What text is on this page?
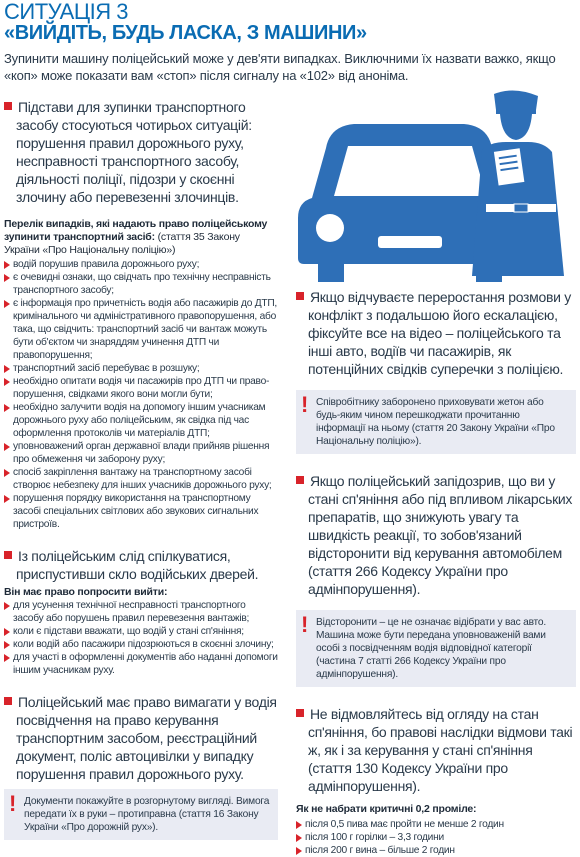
СИТУАЦІЯ 3
«ВИЙДІТЬ, БУДЬ ЛАСКА, З МАШИНИ»
Зупинити машину поліцейський може у дев'яти випадках. Виключними їх назвати важко, якщо «коп» може показати вам «стоп» після сигналу на «102» від аноніма.
Підстави для зупинки транспортного засобу стосуються чотирьох ситуацій: порушення правил дорожнього руху, несправності транспортного засобу, діяльності поліції, підозри у скоєнні злочину або перевезенні злочинців.
Перелік випадків, які надають право поліцейському зупинити транспортний засіб: (стаття 35 Закону України «Про Національну поліцію»)
водій порушив правила дорожнього руху;
є очевидні ознаки, що свідчать про технічну несправність транспортного засобу;
є інформація про причетність водія або пасажирів до ДТП, кримінального чи адміністративного правопорушення, або така, що свідчить: транспортний засіб чи вантаж можуть бути об'єктом чи знаряддям учинення ДТП чи правопорушення;
транспортний засіб перебуває в розшуку;
необхідно опитати водія чи пасажирів про ДТП чи право-порушення, свідками якого вони могли бути;
необхідно залучити водія на допомогу іншим учасникам дорожнього руху або поліцейським, як свідка під час оформлення протоколів чи матеріалів ДТП;
уповноважений орган державної влади прийняв рішення про обмеження чи заборону руху;
спосіб закріплення вантажу на транспортному засобі створює небезпеку для інших учасників дорожнього руху;
порушення порядку використання на транспортному засобі спеціальних світлових або звукових сигнальних пристроїв.
Із поліцейським слід спілкуватися, приспустивши скло водійських дверей.
Він має право попросити вийти:
для усунення технічної несправності транспортного засобу або порушень правил перевезення вантажів;
коли є підстави вважати, що водій у стані сп'яніння;
коли водій або пасажири підозрюються в скоєнні злочину;
для участі в оформленні документів або наданні допомоги іншим учасникам руху.
Поліцейський має право вимагати у водія посвідчення на право керування транспортним засобом, реєстраційний документ, поліс автоцивілки у випадку порушення правил дорожнього руху.
! Документи покажуйте в розгорнутому вигляді. Вимога передати їх в руки – протиправна (стаття 16 Закону України «Про дорожній рух»).
Якщо відчуваєте переростання розмови у конфлікт з подальшою його ескалацією, фіксуйте все на відео – поліцейського та інші авто, водіїв чи пасажирів, як потенційних свідків суперечки з поліцією.
! Співробітнику заборонено приховувати жетон або будь-яким чином перешкоджати прочитанню інформації на ньому (стаття 20 Закону України «Про Національну поліцію»).
Якщо поліцейський запідозрив, що ви у стані сп'яніння або під впливом лікарських препаратів, що знижують увагу та швидкість реакції, то зобов'язаний відсторонити від керування автомобілем (стаття 266 Кодексу України про адмінпорушення).
! Відсторонити – це не означає відібрати у вас авто. Машина може бути передана уповноваженій вами особі з посвідченням водія відповідної категорії (частина 7 статті 266 Кодексу України про адмінпорушення).
Не відмовляйтесь від огляду на стан сп'яніння, бо правові наслідки відмови такі ж, як і за керування у стані сп'яніння (стаття 130 Кодексу України про адмінпорушення).
Як не набрати критичні 0,2 проміле:
після 0,5 пива має пройти не менше 2 годин
після 100 г горілки – 3,3 години
після 200 г вина – більше 2 годин
